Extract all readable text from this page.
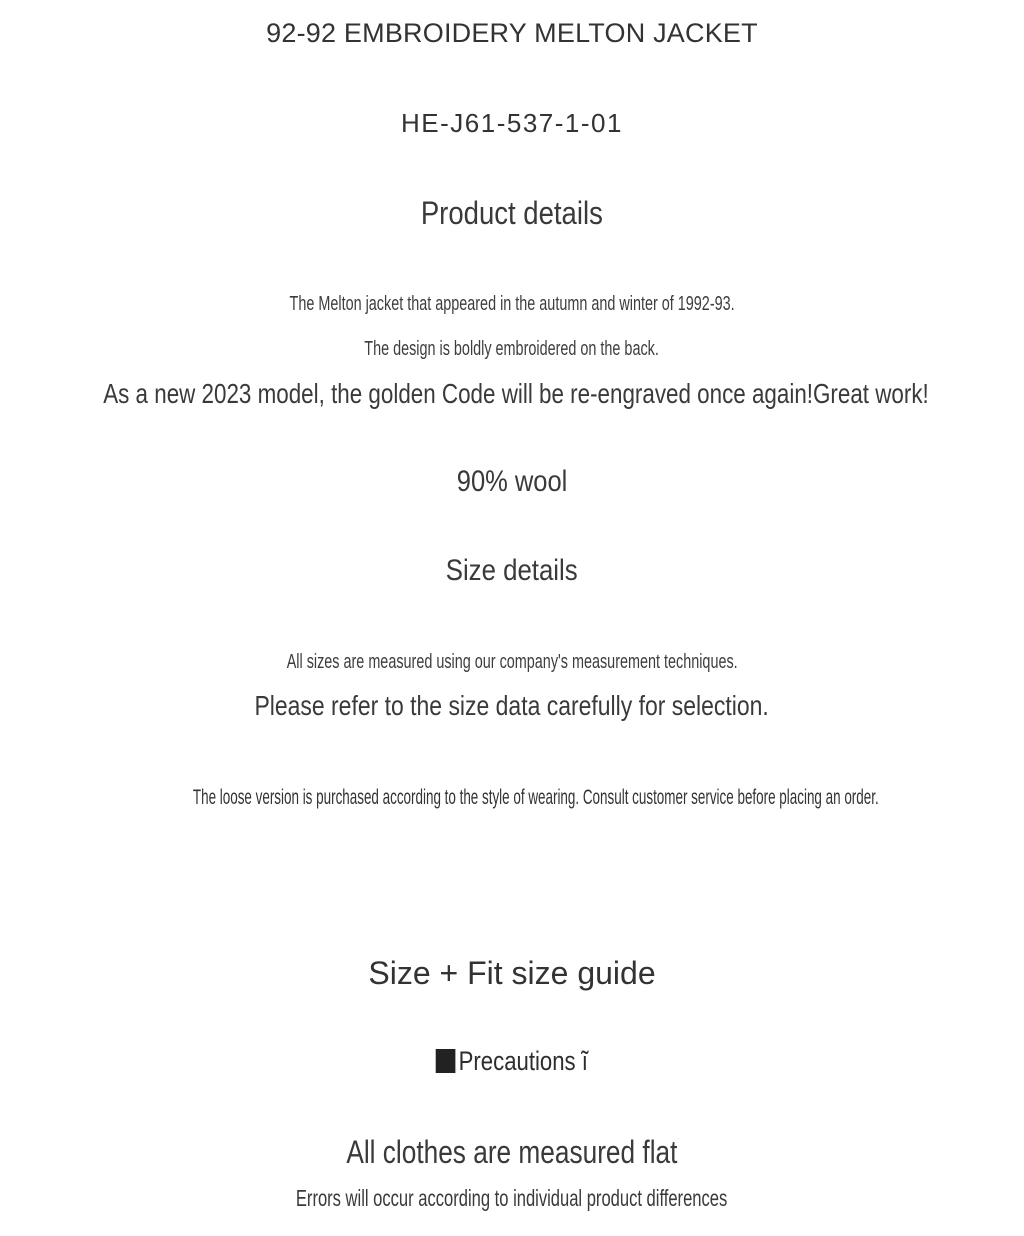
92-92 EMBROIDERY MELTON JACKET
HE-J61-537-1-01
Product details
The Melton jacket that appeared in the autumn and winter of 1992-93.
The design is boldly embroidered on the back.
As a new 2023 model, the golden Code will be re-engraved once again!Great work!
90% wool
Size details
All sizes are measured using our company's measurement techniques.
Please refer to the size data carefully for selection.
The loose version is purchased according to the style of wearing. Consult customer service before placing an order.
Size + Fit size guide
Precautions ĩ
All clothes are measured flat
Errors will occur according to individual product differences
